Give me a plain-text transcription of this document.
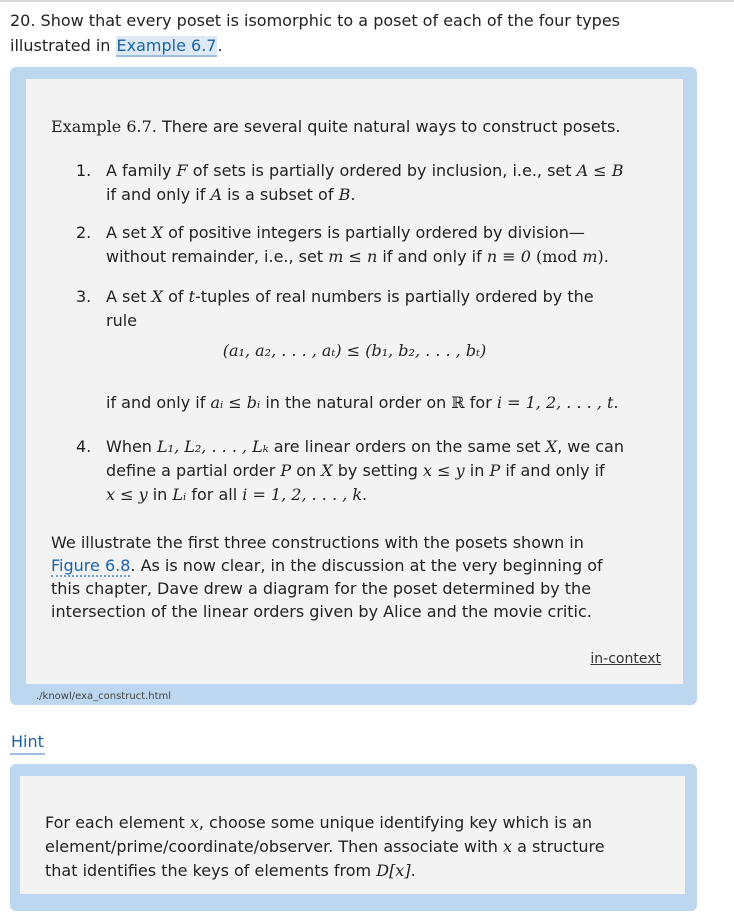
20. Show that every poset is isomorphic to a poset of each of the four types
illustrated in Example 6.7.
Example 6.7. There are several quite natural ways to construct posets.
1. A family F of sets is partially ordered by inclusion, i.e., set A ≤ B
if and only if A is a subset of B.
2. A set X of positive integers is partially ordered by division—
without remainder, i.e., set m ≤ n if and only if n ≡ 0 (mod m).
3. A set X of t-tuples of real numbers is partially ordered by the
rule
(a₁, a₂, . . . , aₜ) ≤ (b₁, b₂, . . . , bₜ)
if and only if aᵢ ≤ bᵢ in the natural order on ℝ for i = 1, 2, . . . , t.
4. When L₁, L₂, . . . , Lₖ are linear orders on the same set X, we can
define a partial order P on X by setting x ≤ y in P if and only if
x ≤ y in Lᵢ for all i = 1, 2, . . . , k.
We illustrate the first three constructions with the posets shown in
Figure 6.8. As is now clear, in the discussion at the very beginning of
this chapter, Dave drew a diagram for the poset determined by the
intersection of the linear orders given by Alice and the movie critic.
in-context
./knowl/exa_construct.html
Hint
For each element x, choose some unique identifying key which is an
element/prime/coordinate/observer. Then associate with x a structure
that identifies the keys of elements from D[x].
